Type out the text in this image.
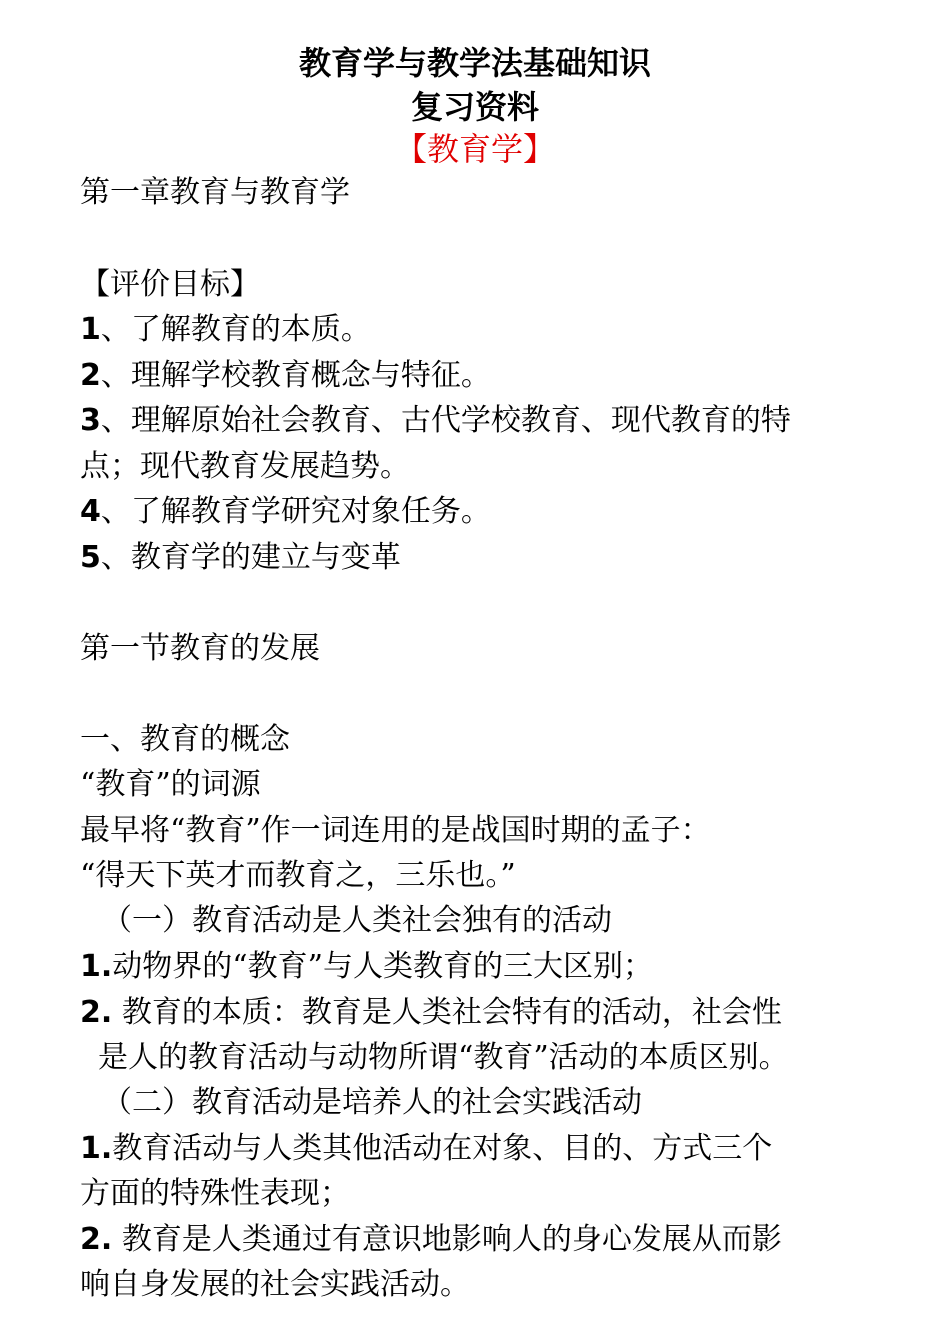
教育学与教学法基础知识
复习资料
【教育学】
第一章教育与教育学
【评价目标】
1、了解教育的本质。
2、理解学校教育概念与特征。
3、理解原始社会教育、古代学校教育、现代教育的特
点；现代教育发展趋势。
4、了解教育学研究对象任务。
5、教育学的建立与变革
第一节教育的发展
一、教育的概念
“教育”的词源
最早将“教育”作一词连用的是战国时期的孟子：
“得天下英才而教育之，三乐也。”
（一）教育活动是人类社会独有的活动
1.动物界的“教育”与人类教育的三大区别；
2. 教育的本质：教育是人类社会特有的活动，社会性
是人的教育活动与动物所谓“教育”活动的本质区别。
（二）教育活动是培养人的社会实践活动
1.教育活动与人类其他活动在对象、目的、方式三个
方面的特殊性表现；
2. 教育是人类通过有意识地影响人的身心发展从而影
响自身发展的社会实践活动。
